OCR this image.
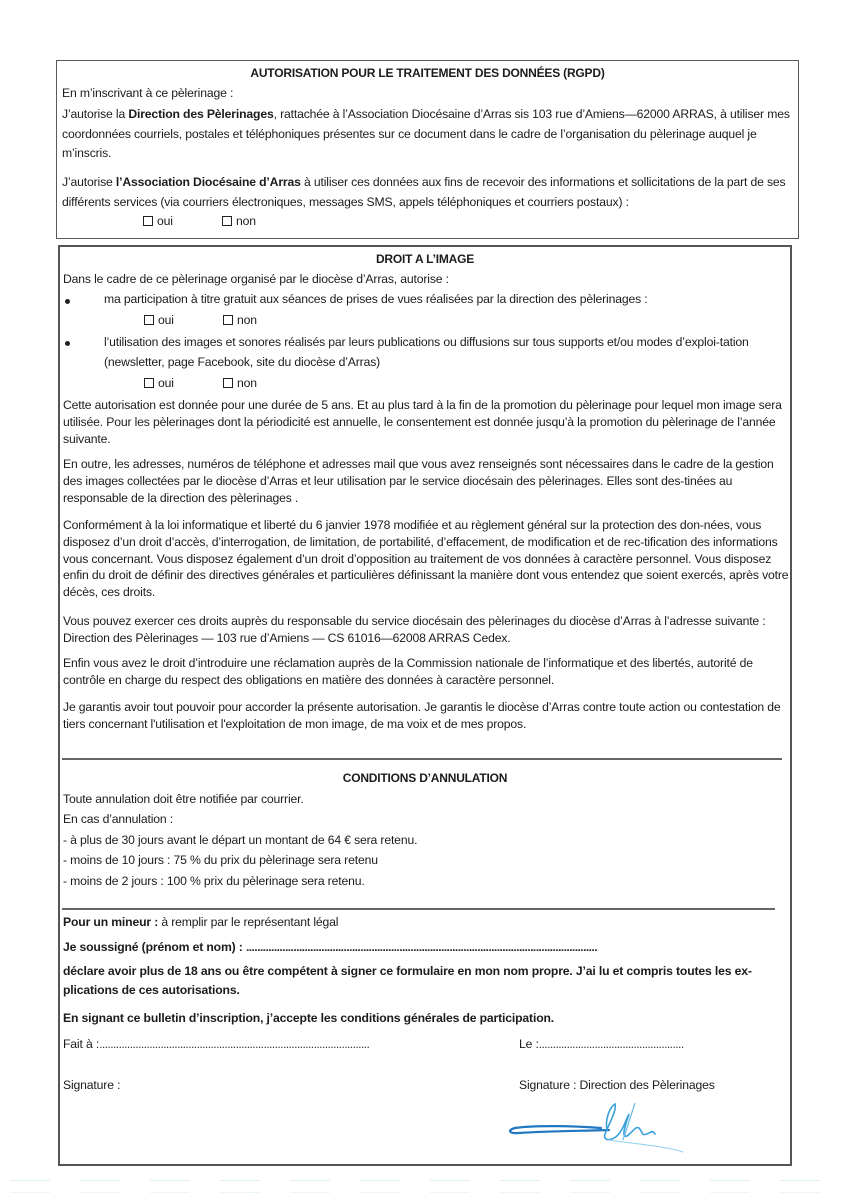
AUTORISATION POUR LE TRAITEMENT DES DONNÉES (RGPD)
En m’inscrivant à ce pèlerinage :
J’autorise la Direction des Pèlerinages, rattachée à l’Association Diocésaine d’Arras sis 103 rue d’Amiens—62000 ARRAS, à utiliser mes coordonnées courriels, postales et téléphoniques présentes sur ce document dans le cadre de l’organisation du pèlerinage auquel je m’inscris.
J’autorise l’Association Diocésaine d’Arras à utiliser ces données aux fins de recevoir des informations et sollicitations de la part de ses différents services (via courriers électroniques, messages SMS, appels téléphoniques et courriers postaux) :
oui	non
DROIT A L’IMAGE
Dans le cadre de ce pèlerinage organisé par le diocèse d’Arras, autorise :
ma participation à titre gratuit aux séances de prises de vues réalisées par la direction des pèlerinages :
oui	non
l’utilisation des images et sonores réalisés par leurs publications ou diffusions sur tous supports et/ou modes d’exploi-tation (newsletter, page Facebook, site du diocèse d’Arras)
oui	non
Cette autorisation est donnée pour une durée de 5 ans. Et au plus tard à la fin de la promotion du pèlerinage pour lequel mon image sera utilisée. Pour les pèlerinages dont la périodicité est annuelle, le consentement est donnée jusqu’à la promotion du pèlerinage de l’année suivante.
En outre, les adresses, numéros de téléphone et adresses mail que vous avez renseignés sont nécessaires dans le cadre de la gestion des images collectées par le diocèse d’Arras et leur utilisation par le service diocésain des pèlerinages. Elles sont des-tinées au responsable de la direction des pèlerinages .
Conformément à la loi informatique et liberté du 6 janvier 1978 modifiée et au règlement général sur la protection des don-nées, vous disposez d’un droit d’accès, d’interrogation, de limitation, de portabilité, d’effacement, de modification et de rec-tification des informations vous concernant. Vous disposez également d’un droit d’opposition au traitement de vos données à caractère personnel. Vous disposez enfin du droit de définir des directives générales et particulières définissant la manière dont vous entendez que soient exercés, après votre décès, ces droits.
Vous pouvez exercer ces droits auprès du responsable du service diocésain des pèlerinages du diocèse d’Arras à l’adresse suivante : Direction des Pèlerinages — 103 rue d’Amiens — CS 61016—62008 ARRAS Cedex.
Enfin vous avez le droit d’introduire une réclamation auprès de la Commission nationale de l’informatique et des libertés, autorité de contrôle en charge du respect des obligations en matière des données à caractère personnel.
Je garantis avoir tout pouvoir pour accorder la présente autorisation. Je garantis le diocèse d’Arras contre toute action ou contestation de tiers concernant l'utilisation et l'exploitation de mon image, de ma voix et de mes propos.
CONDITIONS D’ANNULATION
Toute annulation doit être notifiée par courrier.
En cas d’annulation :
- à plus de 30 jours avant le départ un montant de 64 € sera retenu.
- moins de 10 jours : 75 % du prix du pèlerinage sera retenu
- moins de 2 jours : 100 % prix du pèlerinage sera retenu.
Pour un mineur : à remplir par le représentant légal
Je soussigné (prénom et nom) : ..............................................................................................................................
déclare avoir plus de 18 ans ou être compétent à signer ce formulaire en mon nom propre. J’ai lu et compris toutes les ex-plications de ces autorisations.
En signant ce bulletin d’inscription, j’accepte les conditions générales de participation.
Fait à :.................................................................................................	Le :....................................................
Signature :	Signature : Direction des Pèlerinages
